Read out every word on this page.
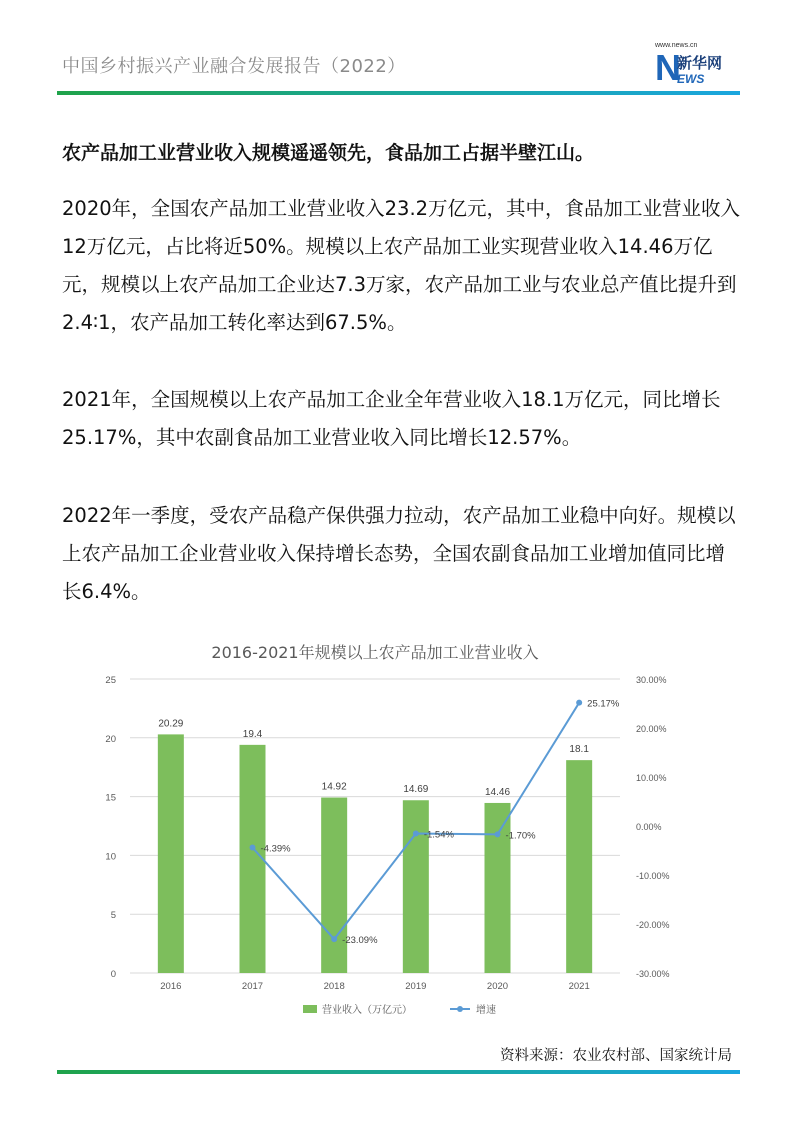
中国乡村振兴产业融合发展报告（2022）
www.news.cn
N
新华网
EWS
农产品加工业营业收入规模遥遥领先，食品加工占据半壁江山。

2020年，全国农产品加工业营业收入23.2万亿元，其中，食品加工业营业收入12万亿元，占比将近50%。规模以上农产品加工业实现营业收入14.46万亿元，规模以上农产品加工企业达7.3万家，农产品加工业与农业总产值比提升到2.4∶1，农产品加工转化率达到67.5%。

2021年，全国规模以上农产品加工企业全年营业收入18.1万亿元，同比增长25.17%，其中农副食品加工业营业收入同比增长12.57%。

2022年一季度，受农产品稳产保供强力拉动，农产品加工业稳中向好。规模以上农产品加工企业营业收入保持增长态势，全国农副食品加工业增加值同比增长6.4%。

2016-2021年规模以上农产品加工业营业收入
0
5
10
15
20
25
-30.00%
-20.00%
-10.00%
0.00%
10.00%
20.00%
30.00%
20.29
19.4
14.92	14.69	14.46
18.1
-4.39%
-23.09%
-1.54%	-1.70%
25.17%
2016	2017	2018	2019	2020	2021
营业收入（万亿元）	增速
资料来源：农业农村部、国家统计局
